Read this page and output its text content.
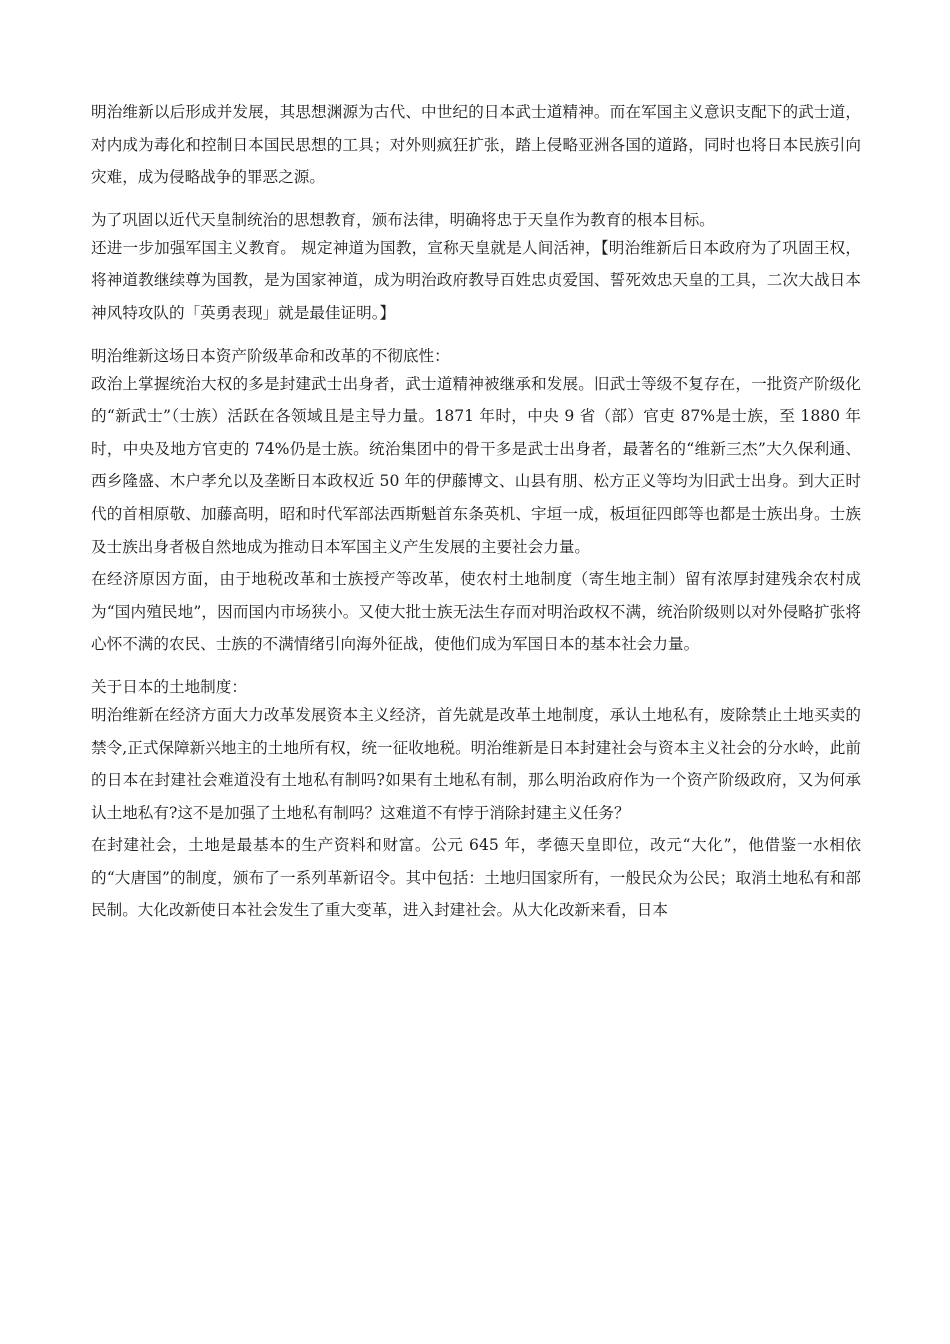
明治维新以后形成并发展，其思想渊源为古代、中世纪的日本武士道精神。而在军国主义意识支配下的武士道，对内成为毒化和控制日本国民思想的工具；对外则疯狂扩张，踏上侵略亚洲各国的道路，同时也将日本民族引向灾难，成为侵略战争的罪恶之源。

为了巩固以近代天皇制统治的思想教育，颁布法律，明确将忠于天皇作为教育的根本目标。

还进一步加强军国主义教育。 规定神道为国教，宣称天皇就是人间活神，【明治维新后日本政府为了巩固王权，将神道教继续尊为国教，是为国家神道，成为明治政府教导百姓忠贞爱国、誓死效忠天皇的工具，二次大战日本神风特攻队的「英勇表现」就是最佳证明。】

明治维新这场日本资产阶级革命和改革的不彻底性：

政治上掌握统治大权的多是封建武士出身者，武士道精神被继承和发展。旧武士等级不复存在，一批资产阶级化的“新武士”（士族）活跃在各领域且是主导力量。1871 年时，中央 9 省（部）官吏 87%是士族，至 1880 年时，中央及地方官吏的 74%仍是士族。统治集团中的骨干多是武士出身者，最著名的“维新三杰”大久保利通、西乡隆盛、木户孝允以及垄断日本政权近 50 年的伊藤博文、山县有朋、松方正义等均为旧武士出身。到大正时代的首相原敬、加藤高明，昭和时代军部法西斯魁首东条英机、宇垣一成，板垣征四郎等也都是士族出身。士族及士族出身者极自然地成为推动日本军国主义产生发展的主要社会力量。

在经济原因方面，由于地税改革和士族授产等改革，使农村土地制度（寄生地主制）留有浓厚封建残余农村成为“国内殖民地”，因而国内市场狭小。又使大批士族无法生存而对明治政权不满，统治阶级则以对外侵略扩张将心怀不满的农民、士族的不满情绪引向海外征战，使他们成为军国日本的基本社会力量。

关于日本的土地制度：

明治维新在经济方面大力改革发展资本主义经济，首先就是改革土地制度，承认土地私有，废除禁止土地买卖的禁令,正式保障新兴地主的土地所有权，统一征收地税。明治维新是日本封建社会与资本主义社会的分水岭，此前的日本在封建社会难道没有土地私有制吗?如果有土地私有制，那么明治政府作为一个资产阶级政府，又为何承认土地私有?这不是加强了土地私有制吗？这难道不有悖于消除封建主义任务？

在封建社会，土地是最基本的生产资料和财富。公元 645 年，孝德天皇即位，改元“大化”，他借鉴一水相依的“大唐国”的制度，颁布了一系列革新诏令。其中包括：土地归国家所有，一般民众为公民；取消土地私有和部民制。大化改新使日本社会发生了重大变革，进入封建社会。从大化改新来看，日本
